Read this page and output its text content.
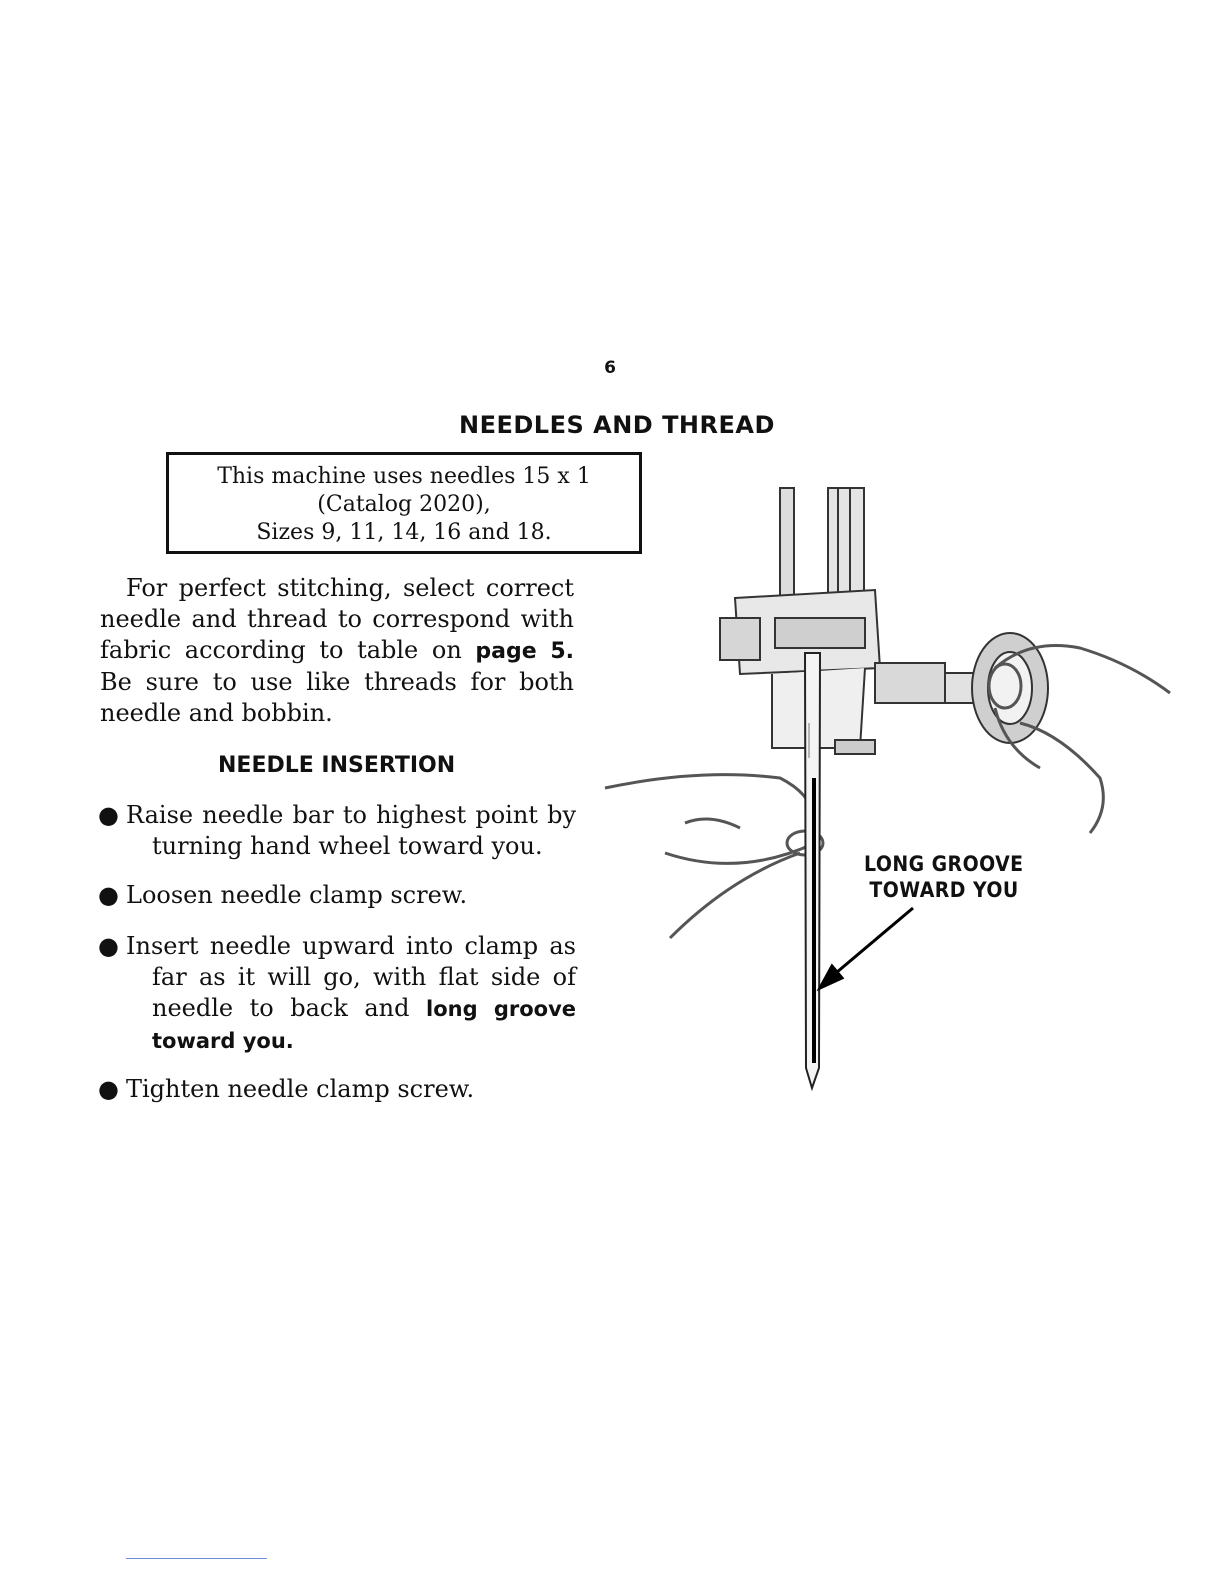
6
NEEDLES AND THREAD
This machine uses needles 15 x 1
(Catalog 2020),
Sizes 9, 11, 14, 16 and 18.
For perfect stitching, select correct needle and thread to correspond with fabric according to table on page 5. Be sure to use like threads for both needle and bobbin.
NEEDLE INSERTION
● Raise needle bar to highest point by turning hand wheel toward you.
● Loosen needle clamp screw.
● Insert needle upward into clamp as far as it will go, with flat side of needle to back and long groove toward you.
● Tighten needle clamp screw.
LONG GROOVE
TOWARD YOU
